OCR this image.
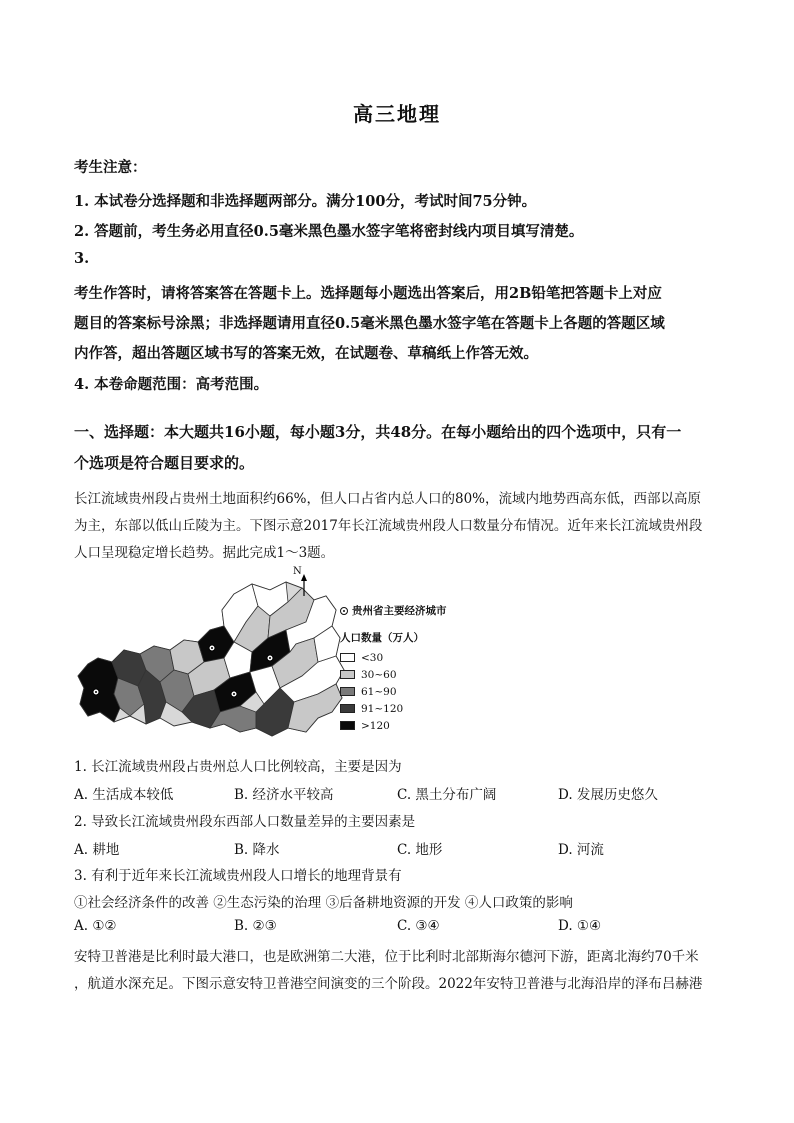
高三地理
考生注意：
1. 本试卷分选择题和非选择题两部分。满分100分，考试时间75分钟。
2. 答题前，考生务必用直径0.5毫米黑色墨水签字笔将密封线内项目填写清楚。
3.
考生作答时，请将答案答在答题卡上。选择题每小题选出答案后，用2B铅笔把答题卡上对应
题目的答案标号涂黑；非选择题请用直径0.5毫米黑色墨水签字笔在答题卡上各题的答题区域
内作答，超出答题区域书写的答案无效，在试题卷、草稿纸上作答无效。
4. 本卷命题范围：高考范围。
一、选择题：本大题共16小题，每小题3分，共48分。在每小题给出的四个选项中，只有一
个选项是符合题目要求的。
长江流域贵州段占贵州土地面积约66%，但人口占省内总人口的80%，流域内地势西高东低，西部以高原
为主，东部以低山丘陵为主。下图示意2017年长江流域贵州段人口数量分布情况。近年来长江流域贵州段
人口呈现稳定增长趋势。据此完成1～3题。
N
贵州省主要经济城市
人口数量（万人）
<30
30~60
61~90
91~120
>120
1. 长江流域贵州段占贵州总人口比例较高，主要是因为
A. 生活成本较低	B. 经济水平较高	C. 黑土分布广阔	D. 发展历史悠久
2. 导致长江流域贵州段东西部人口数量差异的主要因素是
A. 耕地	B. 降水	C. 地形	D. 河流
3. 有利于近年来长江流域贵州段人口增长的地理背景有
①社会经济条件的改善 ②生态污染的治理 ③后备耕地资源的开发 ④人口政策的影响
A. ①②	B. ②③	C. ③④	D. ①④
安特卫普港是比利时最大港口，也是欧洲第二大港，位于比利时北部斯海尔德河下游，距离北海约70千米
，航道水深充足。下图示意安特卫普港空间演变的三个阶段。2022年安特卫普港与北海沿岸的泽布吕赫港
